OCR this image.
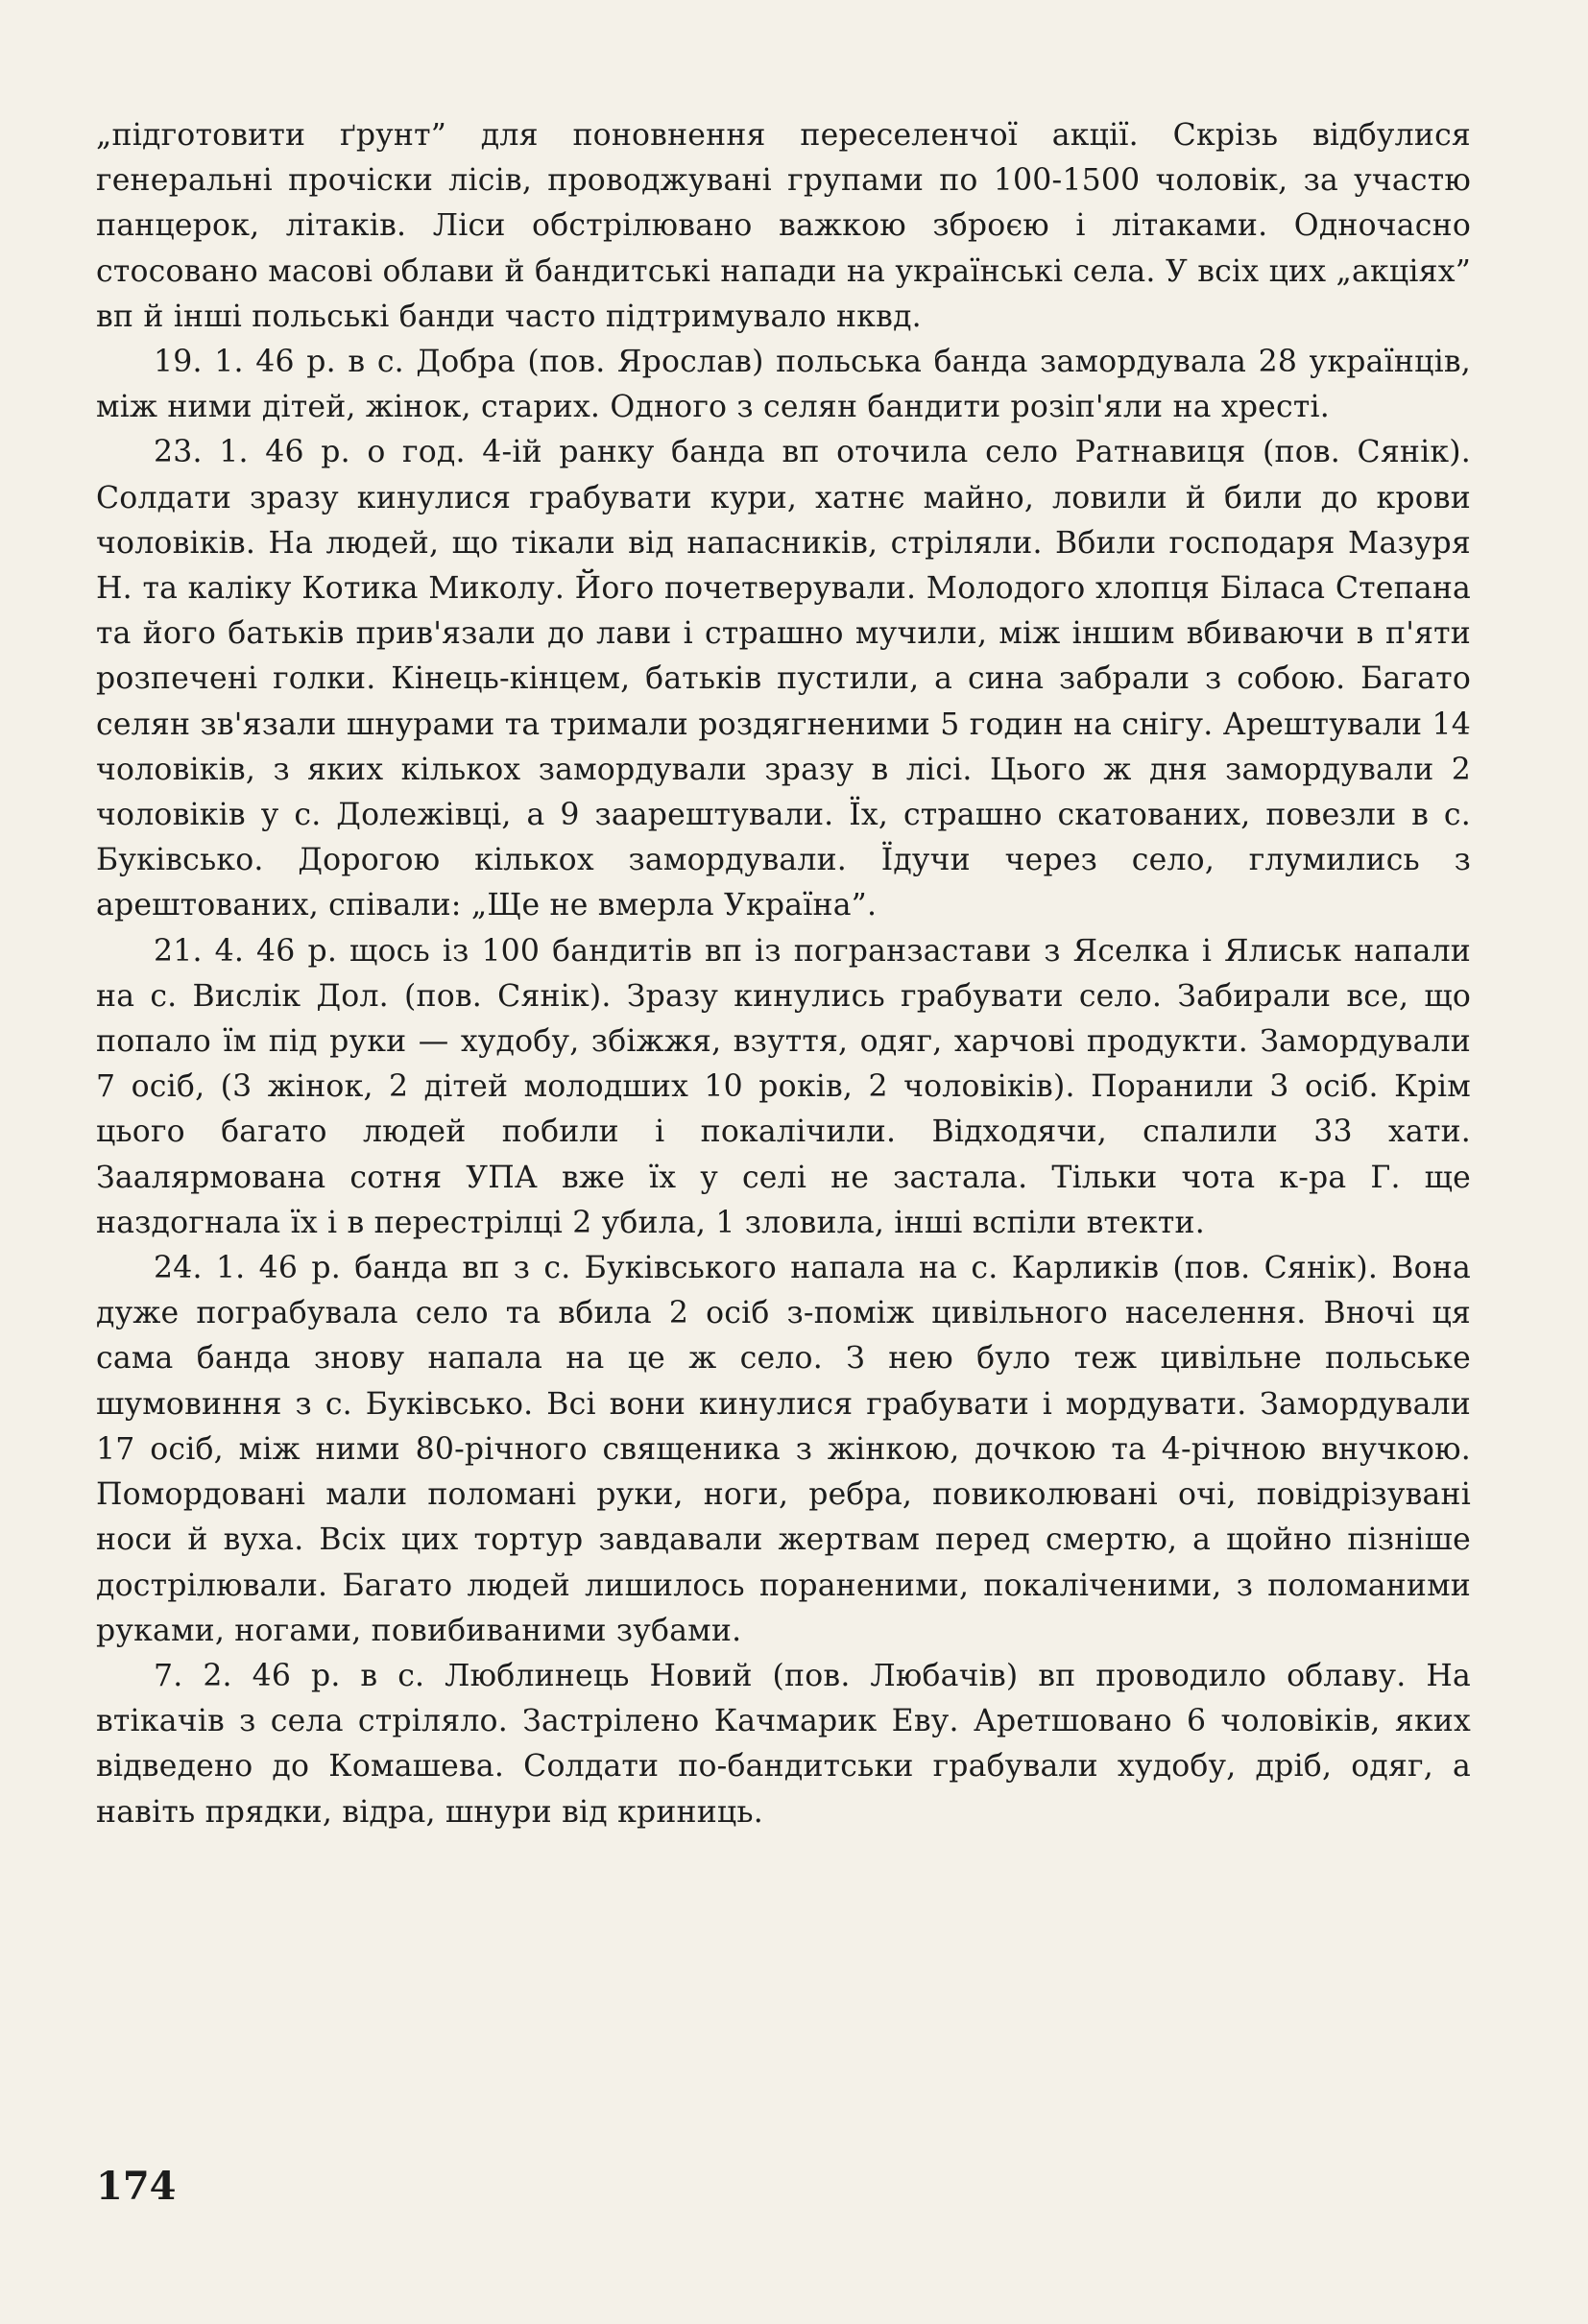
„підготовити ґрунт” для поновнення переселенчої акції. Скрізь відбулися генеральні прочіски лісів, проводжувані групами по 100-1500 чоловік, за участю панцерок, літаків. Ліси обстрілювано важкою зброєю і літаками. Одночасно стосовано масові облави й бандитські напади на українські села. У всіх цих „акціях” вп й інші польські банди часто підтримувало нквд.

19. 1. 46 р. в с. Добра (пов. Ярослав) польська банда замордувала 28 українців, між ними дітей, жінок, старих. Одного з селян бандити розіп'яли на хресті.

23. 1. 46 р. о год. 4-ій ранку банда вп оточила село Ратнавиця (пов. Сянік). Солдати зразу кинулися грабувати кури, хатнє майно, ловили й били до крови чоловіків. На людей, що тікали від напасників, стріляли. Вбили господаря Мазуря Н. та каліку Котика Миколу. Його почетверували. Молодого хлопця Біласа Степана та його батьків прив'язали до лави і страшно мучили, між іншим вбиваючи в п'яти розпечені голки. Кінець-кінцем, батьків пустили, а сина забрали з собою. Багато селян зв'язали шнурами та тримали роздягненими 5 годин на снігу. Арештували 14 чоловіків, з яких кількох замордували зразу в лісі. Цього ж дня замордували 2 чоловіків у с. Долежівці, а 9 заарештували. Їх, страшно скатованих, повезли в с. Буківсько. Дорогою кількох замордували. Їдучи через село, глумились з арештованих, співали: „Ще не вмерла Україна”.

21. 4. 46 р. щось із 100 бандитів вп із погранзастави з Яселка і Ялиськ напали на с. Вислік Дол. (пов. Сянік). Зразу кинулись грабувати село. Забирали все, що попало їм під руки — худобу, збіжжя, взуття, одяг, харчові продукти. Замордували 7 осіб, (3 жінок, 2 дітей молодших 10 років, 2 чоловіків). Поранили 3 осіб. Крім цього багато людей побили і покалічили. Відходячи, спалили 33 хати. Заалярмована сотня УПА вже їх у селі не застала. Тільки чота к-ра Г. ще наздогнала їх і в перестрілці 2 убила, 1 зловила, інші вспіли втекти.

24. 1. 46 р. банда вп з с. Буківського напала на с. Карликів (пов. Сянік). Вона дуже пограбувала село та вбила 2 осіб з-поміж цивільного населення. Вночі ця сама банда знову напала на це ж село. З нею було теж цивільне польське шумовиння з с. Буківсько. Всі вони кинулися грабувати і мордувати. Замордували 17 осіб, між ними 80-річного священика з жінкою, дочкою та 4-річною внучкою. Помордовані мали поломані руки, ноги, ребра, повиколювані очі, повідрізувані носи й вуха. Всіх цих тортур завдавали жертвам перед смертю, а щойно пізніше дострілювали. Багато людей лишилось пораненими, покаліченими, з поломаними руками, ногами, повибиваними зубами.

7. 2. 46 р. в с. Люблинець Новий (пов. Любачів) вп проводило облаву. На втікачів з села стріляло. Застрілено Качмарик Еву. Аретшовано 6 чоловіків, яких відведено до Комашева. Солдати по-бандитськи грабували худобу, дріб, одяг, а навіть прядки, відра, шнури від криниць.

174
